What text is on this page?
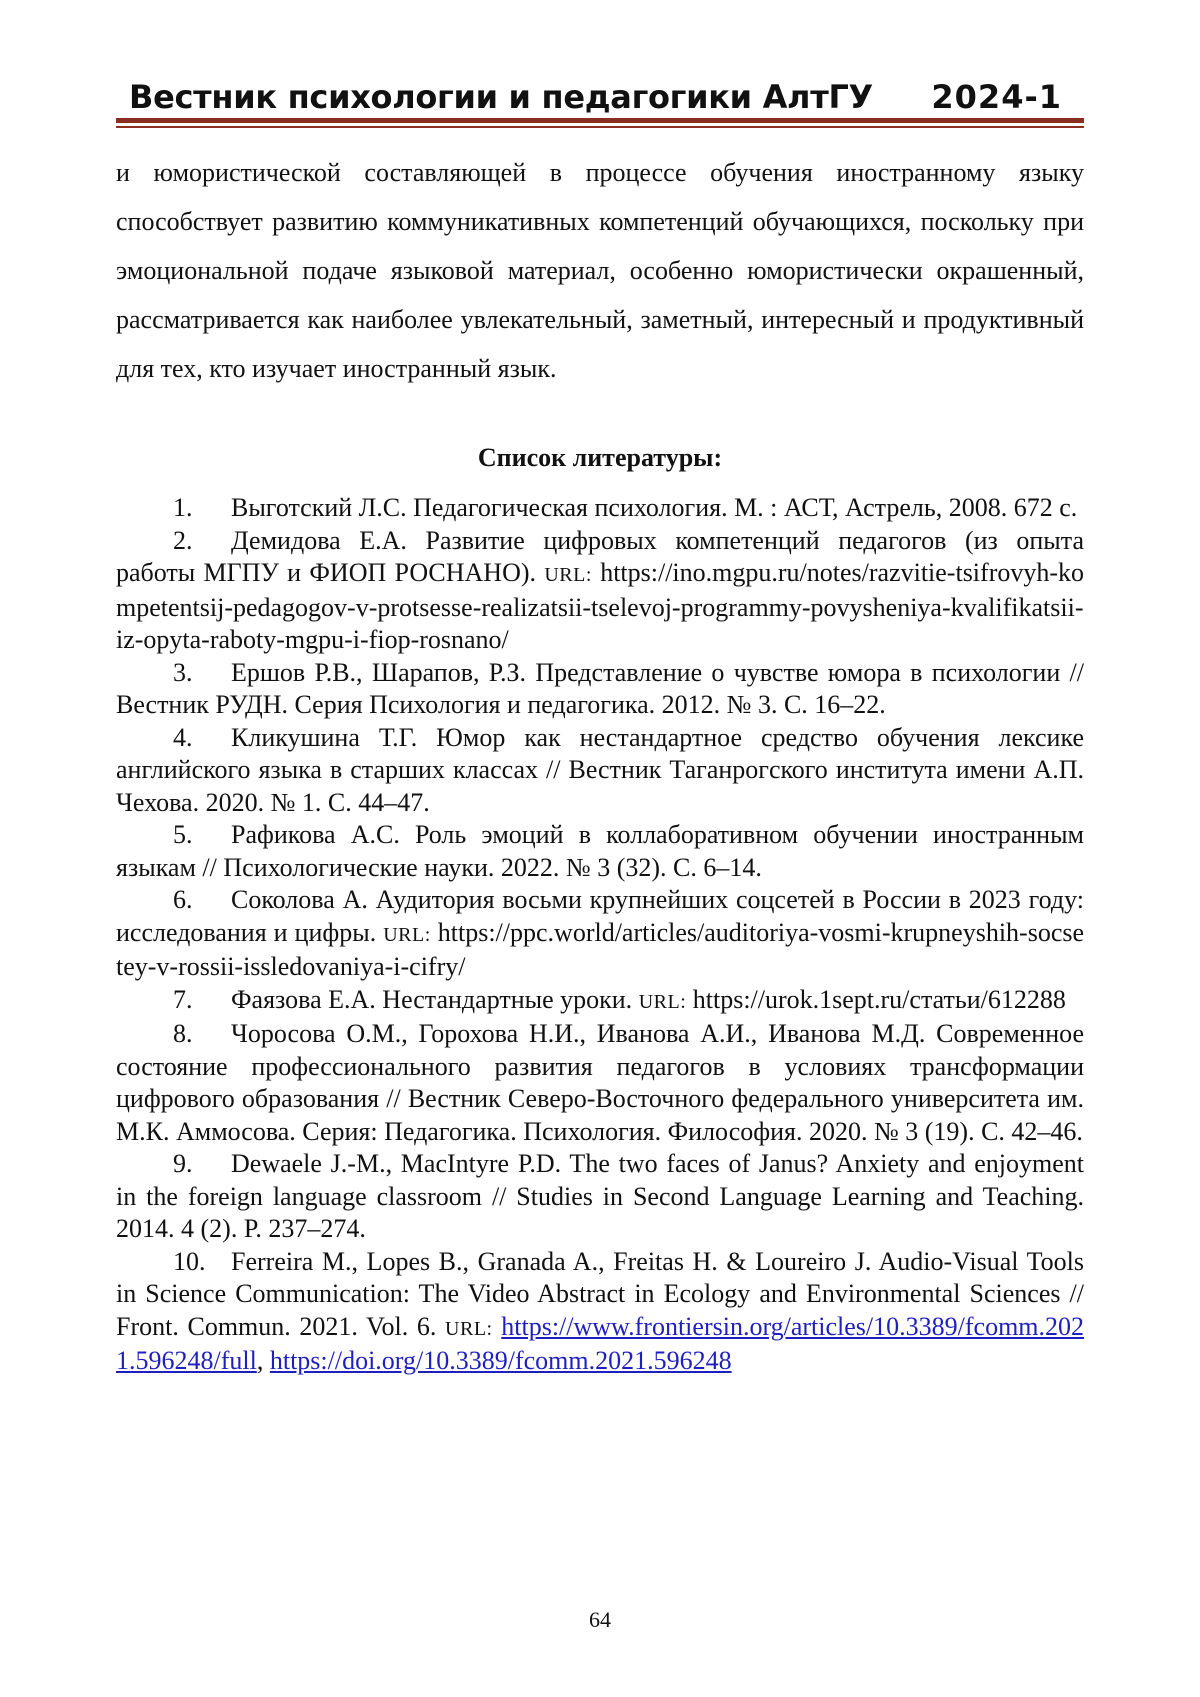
Вестник психологии и педагогики АлтГУ 2024-1

и юмористической составляющей в процессе обучения иностранному языку способствует развитию коммуникативных компетенций обучающихся, поскольку при эмоциональной подаче языковой материал, особенно юмористически окрашенный, рассматривается как наиболее увлекательный, заметный, интересный и продуктивный для тех, кто изучает иностранный язык.

Список литературы:

1. Выготский Л.С. Педагогическая психология. М. : АСТ, Астрель, 2008. 672 с.
2. Демидова Е.А. Развитие цифровых компетенций педагогов (из опыта работы МГПУ и ФИОП РОСНАНО). URL: https://ino.mgpu.ru/notes/razvitie-tsifrovyh-kompetentsij-pedagogov-v-protsesse-realizatsii-tselevoj-programmy-povysheniya-kvalifikatsii-iz-opyta-raboty-mgpu-i-fiop-rosnano/
3. Ершов Р.В., Шарапов, Р.З. Представление о чувстве юмора в психологии // Вестник РУДН. Серия Психология и педагогика. 2012. № 3. С. 16–22.
4. Кликушина Т.Г. Юмор как нестандартное средство обучения лексике английского языка в старших классах // Вестник Таганрогского института имени А.П. Чехова. 2020. № 1. С. 44–47.
5. Рафикова А.С. Роль эмоций в коллаборативном обучении иностранным языкам // Психологические науки. 2022. № 3 (32). С. 6–14.
6. Соколова А. Аудитория восьми крупнейших соцсетей в России в 2023 году: исследования и цифры. URL: https://ppc.world/articles/auditoriya-vosmi-krupneyshih-socsetey-v-rossii-issledovaniya-i-cifry/
7. Фаязова Е.А. Нестандартные уроки. URL: https://urok.1sept.ru/статьи/612288
8. Чоросова О.М., Горохова Н.И., Иванова А.И., Иванова М.Д. Современное состояние профессионального развития педагогов в условиях трансформации цифрового образования // Вестник Северо-Восточного федерального университета им. М.К. Аммосова. Серия: Педагогика. Психология. Философия. 2020. № 3 (19). С. 42–46.
9. Dewaele J.-M., MacIntyre P.D. The two faces of Janus? Anxiety and enjoyment in the foreign language classroom // Studies in Second Language Learning and Teaching. 2014. 4 (2). P. 237–274.
10. Ferreira M., Lopes B., Granada A., Freitas H. & Loureiro J. Audio-Visual Tools in Science Communication: The Video Abstract in Ecology and Environmental Sciences // Front. Commun. 2021. Vol. 6. URL: https://www.frontiersin.org/articles/10.3389/fcomm.2021.596248/full, https://doi.org/10.3389/fcomm.2021.596248
64
